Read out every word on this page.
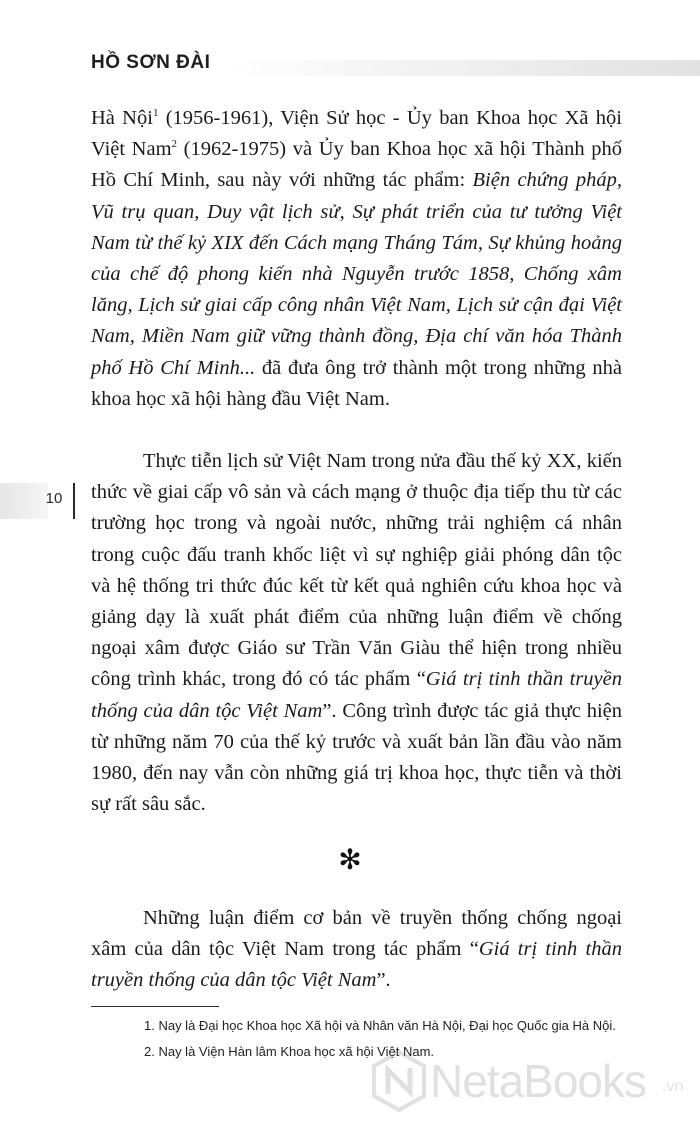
HỒ SƠN ĐÀI
10

Hà Nội$^1$ (1956-1961), Viện Sử học - Ủy ban Khoa học Xã hội Việt Nam$^2$ (1962-1975) và Ủy ban Khoa học xã hội Thành phố Hồ Chí Minh, sau này với những tác phẩm: Biện chứng pháp, Vũ trụ quan, Duy vật lịch sử, Sự phát triển của tư tưởng Việt Nam từ thế kỷ XIX đến Cách mạng Tháng Tám, Sự khủng hoảng của chế độ phong kiến nhà Nguyễn trước 1858, Chống xâm lăng, Lịch sử giai cấp công nhân Việt Nam, Lịch sử cận đại Việt Nam, Miền Nam giữ vững thành đồng, Địa chí văn hóa Thành phố Hồ Chí Minh... đã đưa ông trở thành một trong những nhà khoa học xã hội hàng đầu Việt Nam.

Thực tiễn lịch sử Việt Nam trong nửa đầu thế kỷ XX, kiến thức về giai cấp vô sản và cách mạng ở thuộc địa tiếp thu từ các trường học trong và ngoài nước, những trải nghiệm cá nhân trong cuộc đấu tranh khốc liệt vì sự nghiệp giải phóng dân tộc và hệ thống tri thức đúc kết từ kết quả nghiên cứu khoa học và giảng dạy là xuất phát điểm của những luận điểm về chống ngoại xâm được Giáo sư Trần Văn Giàu thể hiện trong nhiều công trình khác, trong đó có tác phẩm “Giá trị tinh thần truyền thống của dân tộc Việt Nam”. Công trình được tác giả thực hiện từ những năm 70 của thế kỷ trước và xuất bản lần đầu vào năm 1980, đến nay vẫn còn những giá trị khoa học, thực tiễn và thời sự rất sâu sắc.

✻

Những luận điểm cơ bản về truyền thống chống ngoại xâm của dân tộc Việt Nam trong tác phẩm “Giá trị tinh thần truyền thống của dân tộc Việt Nam”.

1. Nay là Đại học Khoa học Xã hội và Nhân văn Hà Nội, Đại học Quốc gia Hà Nội.
2. Nay là Viện Hàn lâm Khoa học xã hội Việt Nam.
NetaBooks .vn
